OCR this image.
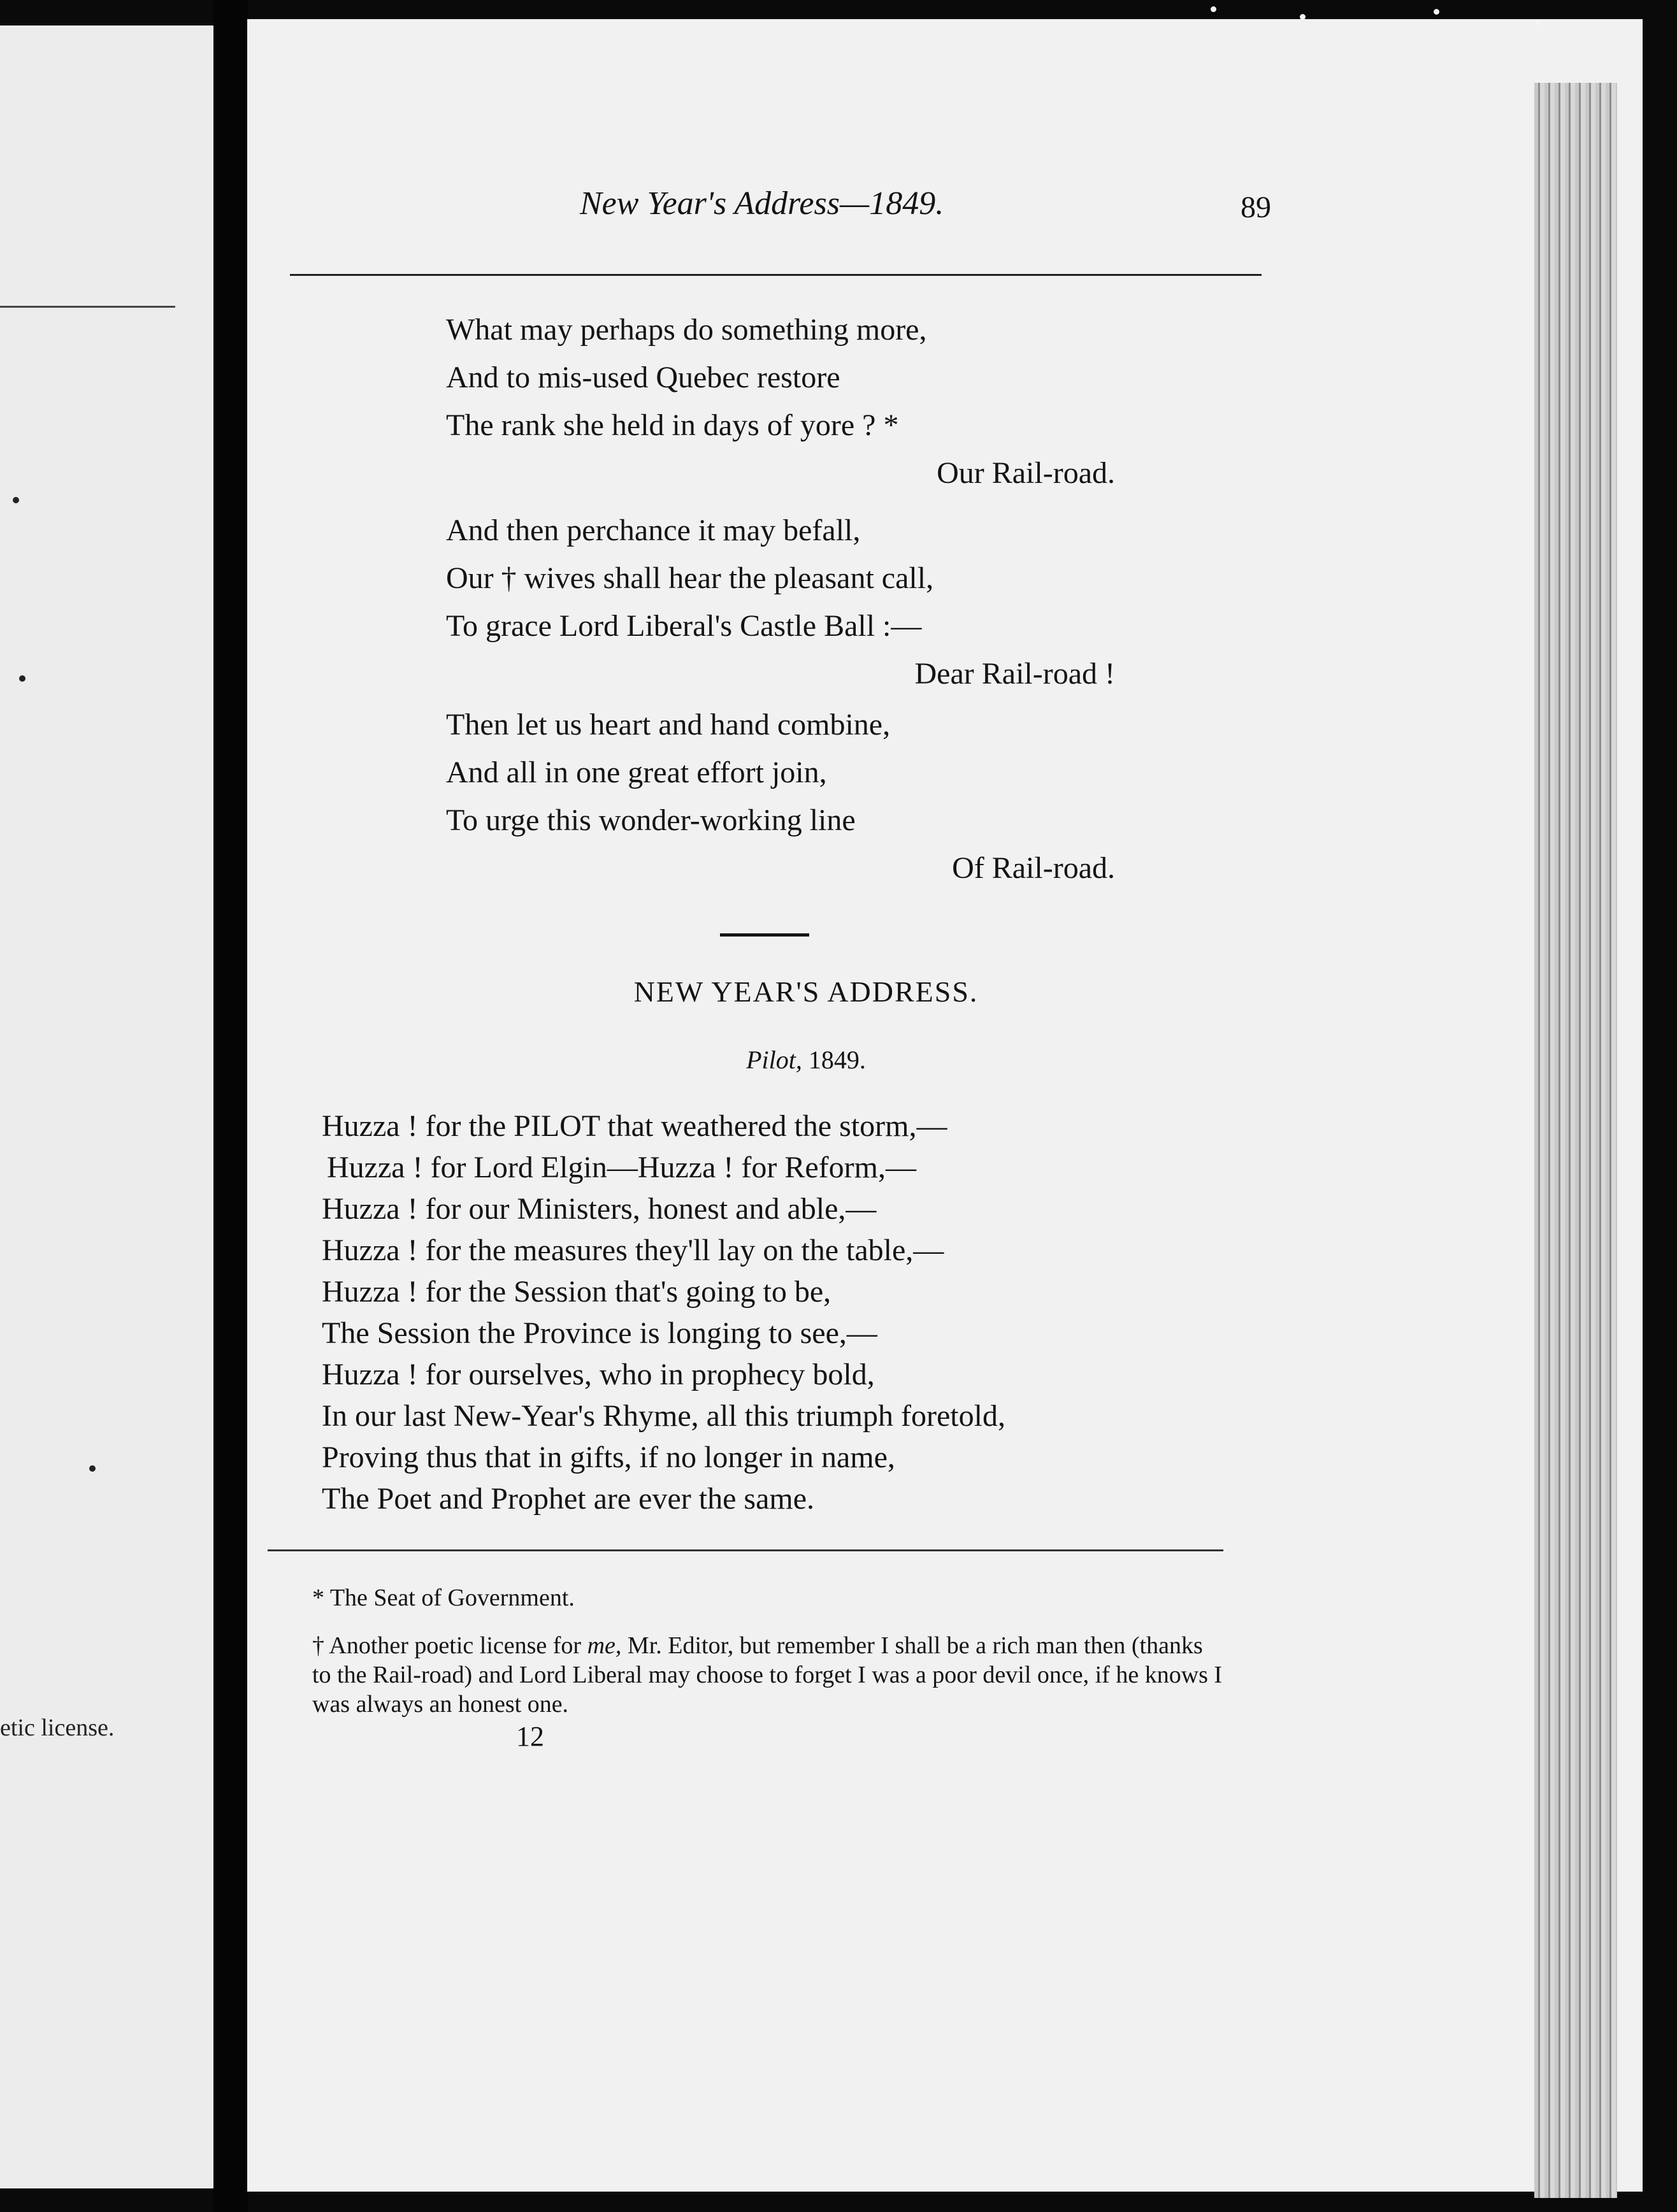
etic license.
New Year's Address—1849.	89
What may perhaps do something more,
And to mis-used Quebec restore
The rank she held in days of yore ? *
Our Rail-road.
And then perchance it may befall,
Our † wives shall hear the pleasant call,
To grace Lord Liberal's Castle Ball :—
Dear Rail-road !
Then let us heart and hand combine,
And all in one great effort join,
To urge this wonder-working line
Of Rail-road.
NEW YEAR'S ADDRESS.
Pilot, 1849.
Huzza ! for the PILOT that weathered the storm,—
Huzza ! for Lord Elgin—Huzza ! for Reform,—
Huzza ! for our Ministers, honest and able,—
Huzza ! for the measures they'll lay on the table,—
Huzza ! for the Session that's going to be,
The Session the Province is longing to see,—
Huzza ! for ourselves, who in prophecy bold,
In our last New-Year's Rhyme, all this triumph foretold,
Proving thus that in gifts, if no longer in name,
The Poet and Prophet are ever the same.
* The Seat of Government.
† Another poetic license for me, Mr. Editor, but remember I shall be a rich man then (thanks to the Rail-road) and Lord Liberal may choose to forget I was a poor devil once, if he knows I was always an honest one.
12
